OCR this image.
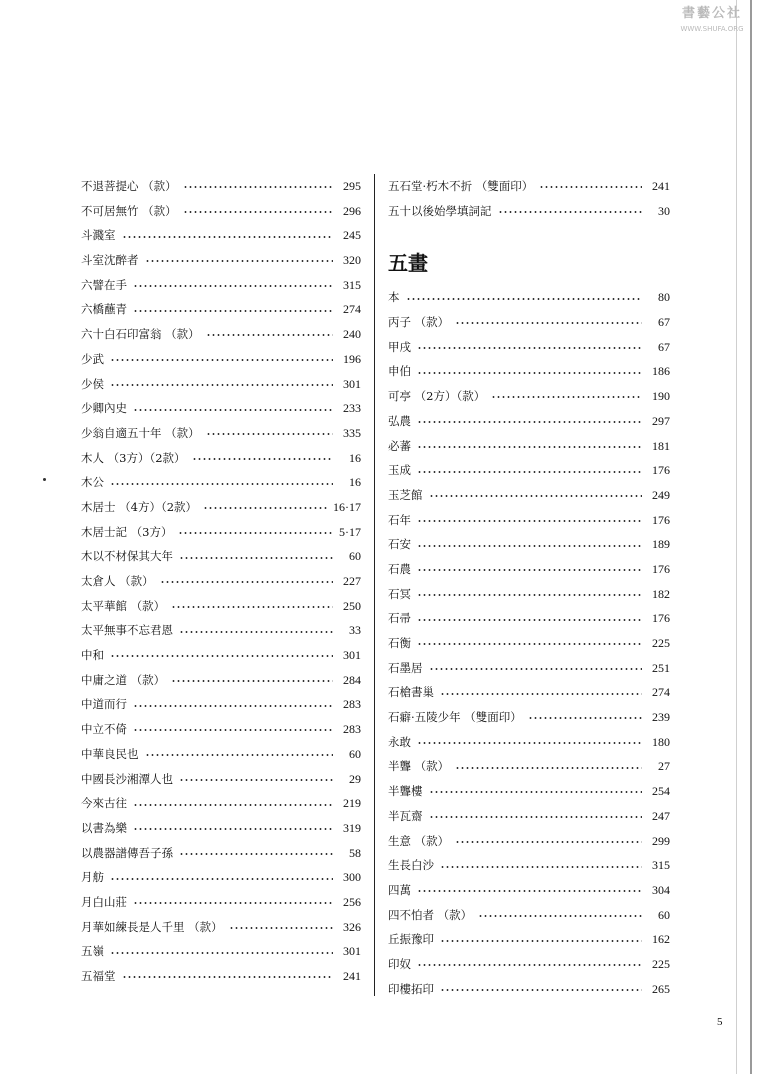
書藝公社
WWW.SHUFA.ORG
不退菩提心 （款）	295
不可居無竹 （款）	296
斗濺室	245
斗室沈醉者	320
六譬在手	315
六橋蘸青	274
六十白石印富翁 （款）	240
少武	196
少侯	301
少卿內史	233
少翁自適五十年 （款）	335
木人 （3方）（2款）	16
木公	16
木居士 （4方）（2款）	16·17
木居士記 （3方）	5·17
木以不材保其大年	60
太倉人 （款）	227
太平華館 （款）	250
太平無事不忘君恩	33
中和	301
中庸之道 （款）	284
中道而行	283
中立不倚	283
中華良民也	60
中國長沙湘潭人也	29
今來古往	219
以書為樂	319
以農器譜傳吾子孫	58
月舫	300
月白山莊	256
月華如練長是人千里 （款）	326
五嶺	301
五福堂	241
五石堂·朽木不折 （雙面印）	241
五十以後始學填詞記	30
五畫
本	80
丙子 （款）	67
甲戌	67
申伯	186
可亭 （2方）（款）	190
弘農	297
必蕃	181
玉成	176
玉芝館	249
石年	176
石安	189
石農	176
石冥	182
石帚	176
石衡	225
石墨居	251
石槍書巢	274
石癖·五陵少年 （雙面印）	239
永敢	180
半聾 （款）	27
半聾樓	254
半瓦齋	247
生意 （款）	299
生長白沙	315
四萬	304
四不怕者 （款）	60
丘振豫印	162
印奴	225
印樓拓印	265
5
